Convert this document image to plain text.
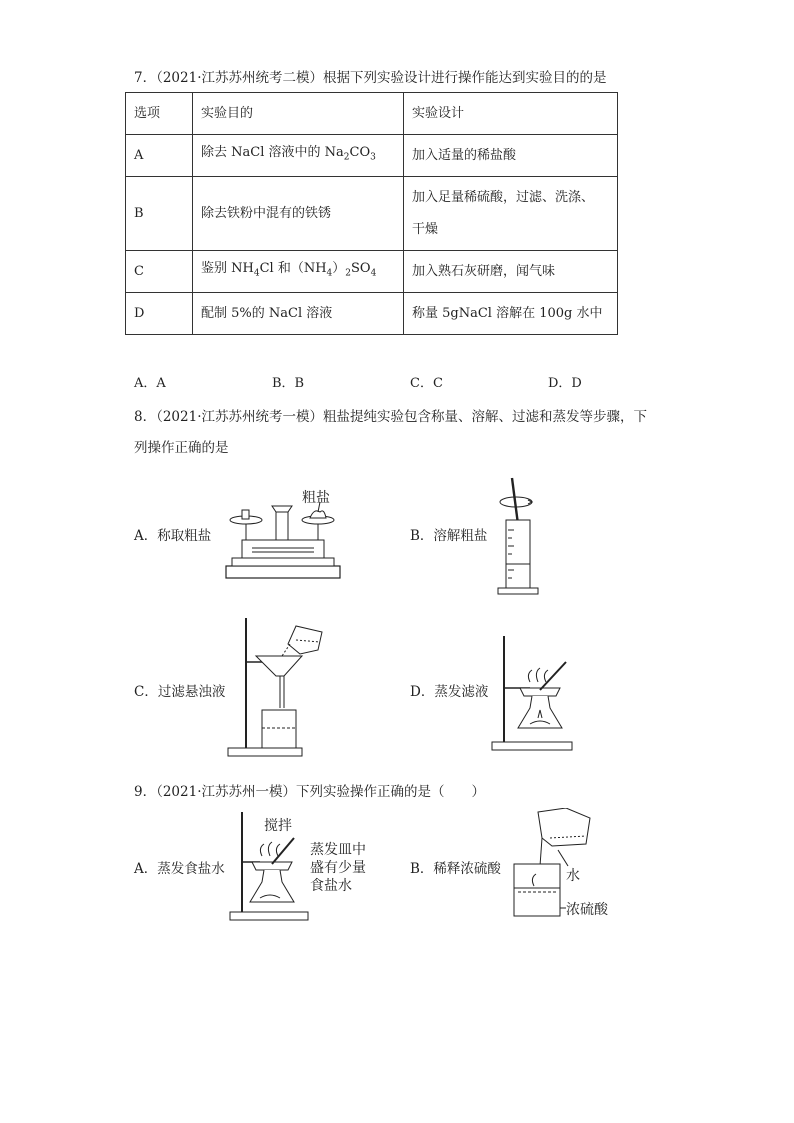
7．（2021·江苏苏州统考二模）根据下列实验设计进行操作能达到实验目的的是
选项	实验目的	实验设计
A	除去 NaCl 溶液中的 $Na_2CO_3$	加入适量的稀盐酸
B	除去铁粉中混有的铁锈	加入足量稀硫酸，过滤、洗涤、
干燥
C	鉴别 $NH_4Cl$ 和$(NH_4)_2SO_4$	加入熟石灰研磨，闻气味
D	配制 5%的 NaCl 溶液	称量 5gNaCl 溶解在 100g 水中
A．A	B．B	C．C	D．D
8．（2021·江苏苏州统考一模）粗盐提纯实验包含称量、溶解、过滤和蒸发等步骤，下
列操作正确的是
A．称取粗盐	B．溶解粗盐
C．过滤悬浊液	D．蒸发滤液
粗盐
9．（2021·江苏苏州一模）下列实验操作正确的是（　　）
A．蒸发食盐水	B．稀释浓硫酸
搅拌
蒸发皿中
盛有少量
食盐水
水
浓硫酸
